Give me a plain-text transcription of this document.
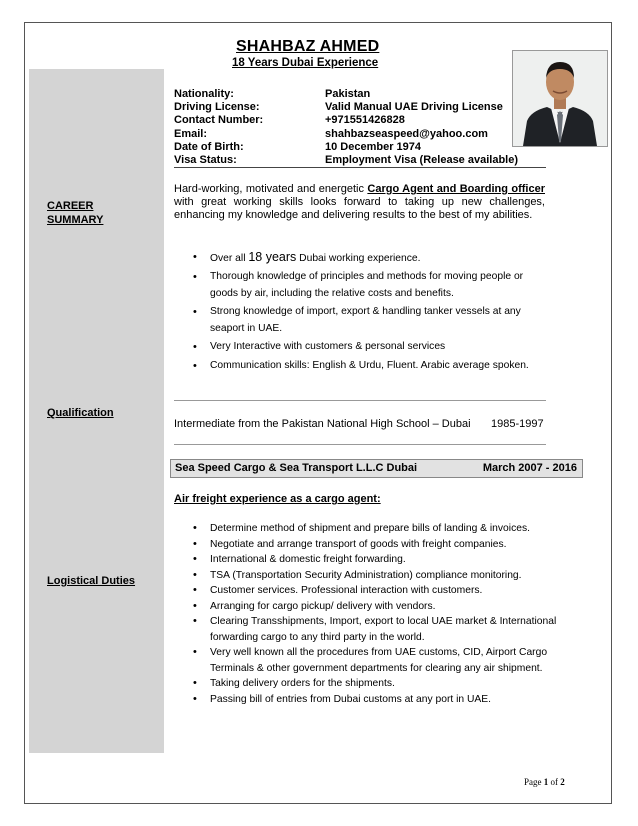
SHAHBAZ AHMED
18 Years Dubai Experience
Nationality:	Pakistan
Driving License:	Valid Manual UAE Driving License
Contact Number:	+971551426828
Email:	shahbazseaspeed@yahoo.com
Date of Birth:	10 December 1974
Visa Status:	Employment Visa (Release available)
CAREER
SUMMARY
Hard-working, motivated and energetic Cargo Agent and Boarding officer with great working skills looks forward to taking up new challenges, enhancing my knowledge and delivering results to the best of my abilities.
• Over all 18 years Dubai working experience.
• Thorough knowledge of principles and methods for moving people or goods by air, including the relative costs and benefits.
• Strong knowledge of import, export & handling tanker vessels at any seaport in UAE.
• Very Interactive with customers & personal services
• Communication skills: English & Urdu, Fluent. Arabic average spoken.
Qualification
Intermediate from the Pakistan National High School – Dubai 1985-1997
Sea Speed Cargo & Sea Transport L.L.C Dubai	March 2007 - 2016
Air freight experience as a cargo agent:
Logistical Duties
• Determine method of shipment and prepare bills of landing & invoices.
• Negotiate and arrange transport of goods with freight companies.
• International & domestic freight forwarding.
• TSA (Transportation Security Administration) compliance monitoring.
• Customer services. Professional interaction with customers.
• Arranging for cargo pickup/ delivery with vendors.
• Clearing Transshipments, Import, export to local UAE market & International forwarding cargo to any third party in the world.
• Very well known all the procedures from UAE customs, CID, Airport Cargo Terminals & other government departments for clearing any air shipment.
• Taking delivery orders for the shipments.
• Passing bill of entries from Dubai customs at any port in UAE.
Page 1 of 2
